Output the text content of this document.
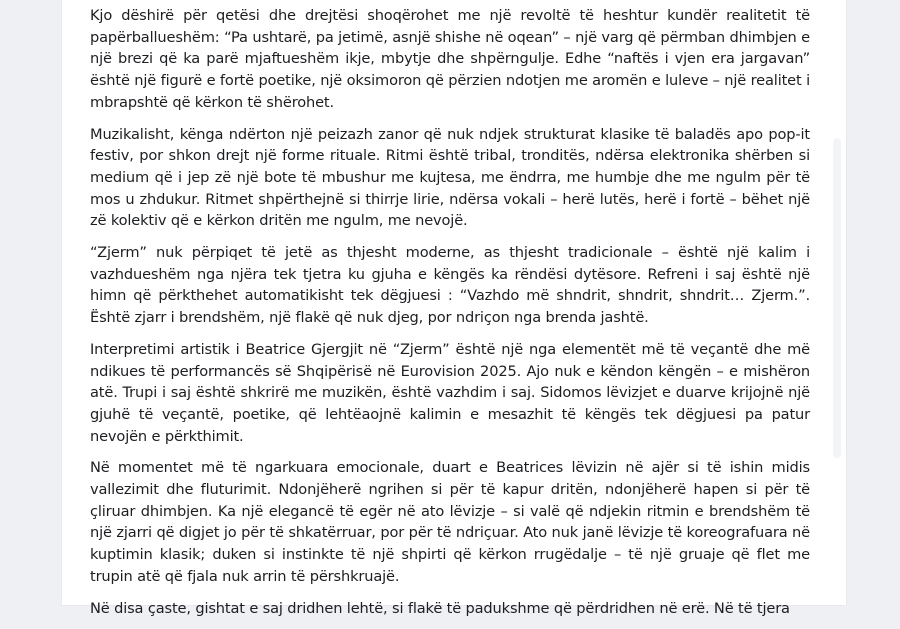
Kjo dëshirë për qetësi dhe drejtësi shoqërohet me një revoltë të heshtur kundër realitetit të papërballueshëm: “Pa ushtarë, pa jetimë, asnjë shishe në oqean” – një varg që përmban dhimbjen e një brezi që ka parë mjaftueshëm ikje, mbytje dhe shpërngulje. Edhe “naftës i vjen era jargavan” është një figurë e fortë poetike, një oksimoron që përzien ndotjen me aromën e luleve – një realitet i mbrapshtë që kërkon të shërohet.

Muzikalisht, kënga ndërton një peizazh zanor që nuk ndjek strukturat klasike të baladës apo pop-it festiv, por shkon drejt një forme rituale. Ritmi është tribal, tronditës, ndërsa elektronika shërben si medium që i jep zë një bote të mbushur me kujtesa, me ëndrra, me humbje dhe me ngulm për të mos u zhdukur. Ritmet shpërthejnë si thirrje lirie, ndërsa vokali – herë lutës, herë i fortë – bëhet një zë kolektiv që e kërkon dritën me ngulm, me nevojë.

“Zjerm” nuk përpiqet të jetë as thjesht moderne, as thjesht tradicionale – është një kalim i vazhdueshëm nga njëra tek tjetra ku gjuha e këngës ka rëndësi dytësore. Refreni i saj është një himn që përkthehet automatikisht tek dëgjuesi : “Vazhdo më shndrit, shndrit, shndrit… Zjerm.”. Është zjarr i brendshëm, një flakë që nuk djeg, por ndriçon nga brenda jashtë.

Interpretimi artistik i Beatrice Gjergjit në “Zjerm” është një nga elementët më të veçantë dhe më ndikues të performancës së Shqipërisë në Eurovision 2025. Ajo nuk e këndon këngën – e mishëron atë. Trupi i saj është shkrirë me muzikën, është vazhdim i saj. Sidomos lëvizjet e duarve krijojnë një gjuhë të veçantë, poetike, që lehtëaojnë kalimin e mesazhit të këngës tek dëgjuesi pa patur nevojën e përkthimit.

Në momentet më të ngarkuara emocionale, duart e Beatrices lëvizin në ajër si të ishin midis vallezimit dhe fluturimit. Ndonjëherë ngrihen si për të kapur dritën, ndonjëherë hapen si për të çliruar dhimbjen. Ka një elegancë të egër në ato lëvizje – si valë që ndjekin ritmin e brendshëm të një zjarri që digjet jo për të shkatërruar, por për të ndriçuar. Ato nuk janë lëvizje të koreografuara në kuptimin klasik; duken si instinkte të një shpirti që kërkon rrugëdalje – të një gruaje që flet me trupin atë që fjala nuk arrin të përshkruajë.

Në disa çaste, gishtat e saj dridhen lehtë, si flakë të padukshme që përdridhen në erë. Në të tjera
